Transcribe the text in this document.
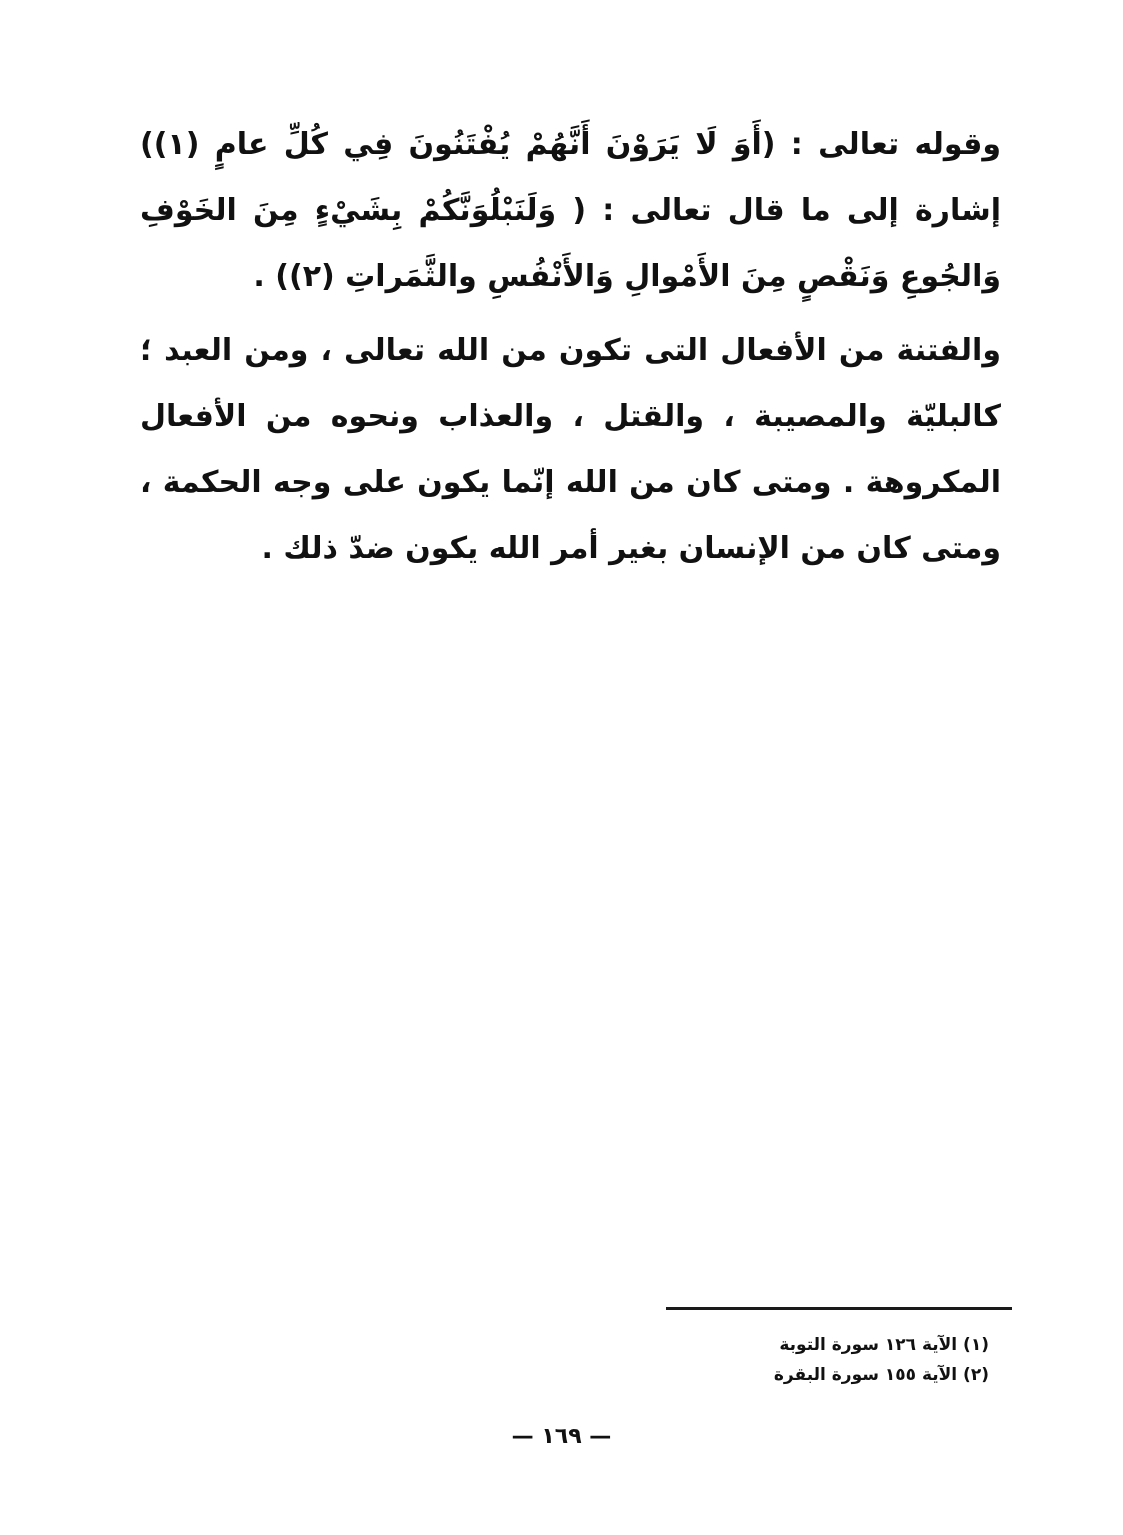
وقوله تعالى : (أَوَ لَا يَرَوْنَ أَنَّهُمْ يُفْتَنُونَ فِي كُلِّ عامٍ (١)) إشارة إلى ما قال تعالى : ( وَلَنَبْلُوَنَّكُمْ بِشَيْءٍ مِنَ الخَوْفِ وَالجُوعِ وَنَقْصٍ مِنَ الأَمْوالِ وَالأَنْفُسِ والثَّمَراتِ (٢)) .

والفتنة من الأفعال التى تكون من الله تعالى ، ومن العبد ؛ كالبليّة والمصيبة ، والقتل ، والعذاب ونحوه من الأفعال المكروهة . ومتى كان من الله إنّما يكون على وجه الحكمة ، ومتى كان من الإنسان بغير أمر الله يكون ضدّ ذلك .

(١) الآية ١٢٦ سورة التوبة
(٢) الآية ١٥٥ سورة البقرة
— ١٦٩ —
